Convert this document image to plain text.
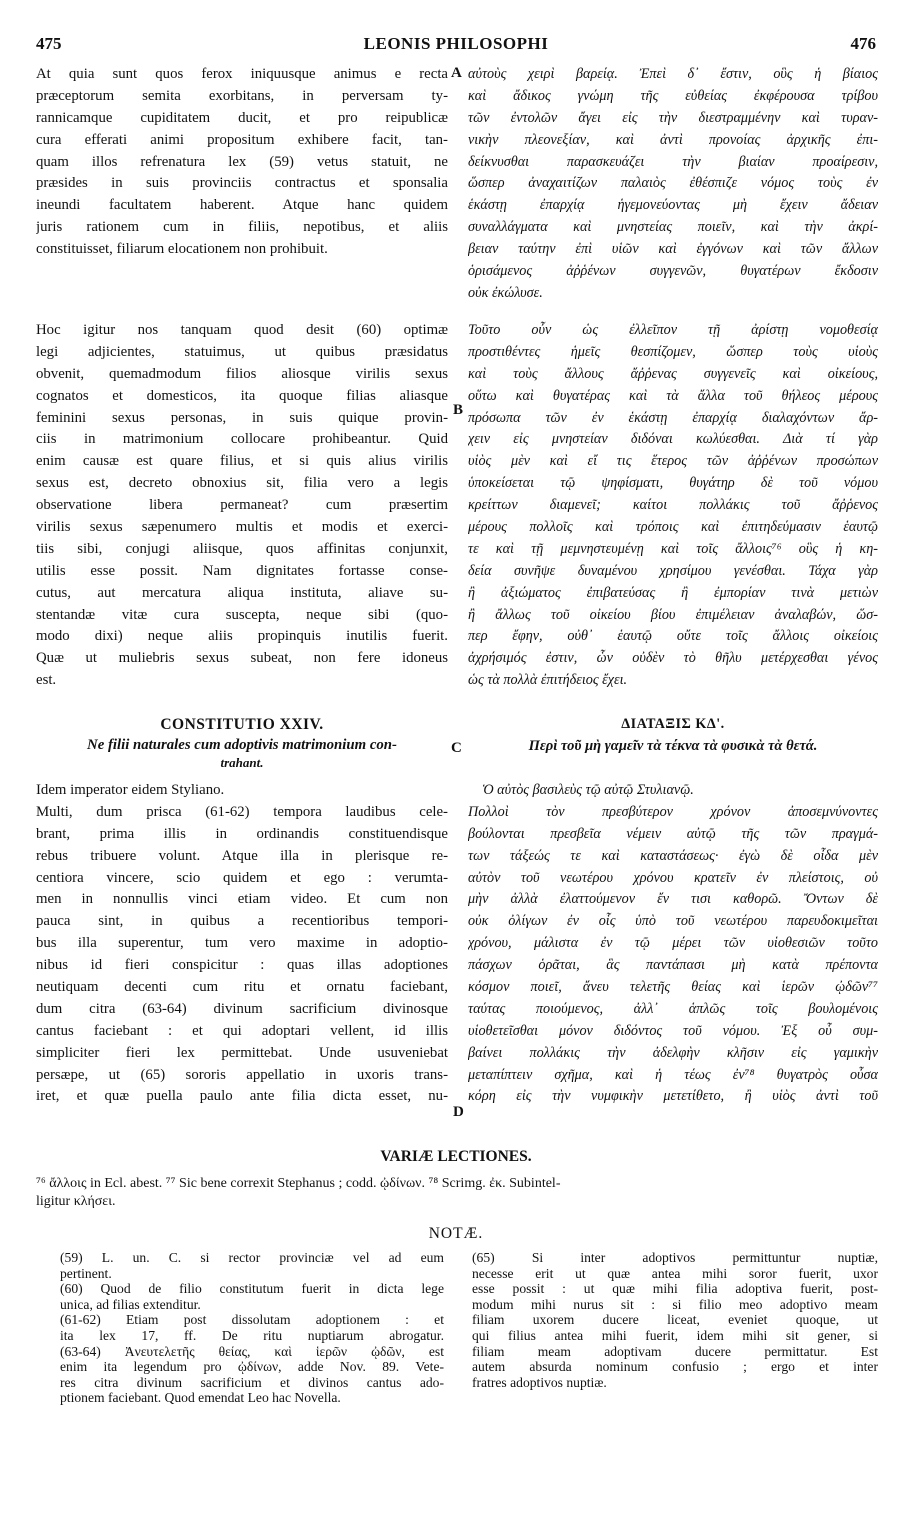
475	LEONIS PHILOSOPHI	476
At quia sunt quos ferox iniquusque animus e recta
præceptorum semita exorbitans, in perversam ty-
rannicamque cupiditatem ducit, et pro reipublicæ
cura efferati animi propositum exhibere facit, tan-
quam illos refrenatura lex (59) vetus statuit, ne
præsides in suis provinciis contractus et sponsalia
ineundi facultatem haberent. Atque hanc quidem
juris rationem cum in filiis, nepotibus, et aliis
constituisset, filiarum elocationem non prohibuit.
Hoc igitur nos tanquam quod desit (60) optimæ
legi adjicientes, statuimus, ut quibus præsidatus
obvenit, quemadmodum filios aliosque virilis sexus
cognatos et domesticos, ita quoque filias aliasque
feminini sexus personas, in suis quique provin-
ciis in matrimonium collocare prohibeantur. Quid
enim causæ est quare filius, et si quis alius virilis
sexus est, decreto obnoxius sit, filia vero a legis
observatione libera permaneat? cum præsertim
virilis sexus sæpenumero multis et modis et exerci-
tiis sibi, conjugi aliisque, quos affinitas conjunxit,
utilis esse possit. Nam dignitates fortasse conse-
cutus, aut mercatura aliqua instituta, aliave su-
stentandæ vitæ cura suscepta, neque sibi (quo-
modo dixi) neque aliis propinquis inutilis fuerit.
Quæ ut muliebris sexus subeat, non fere idoneus
est.
CONSTITUTIO XXIV.
Ne filii naturales cum adoptivis matrimonium con-
trahant.
Idem imperator eidem Styliano.
Multi, dum prisca (61-62) tempora laudibus cele-
brant, prima illis in ordinandis constituendisque
rebus tribuere volunt. Atque illa in plerisque re-
centiora vincere, scio quidem et ego : verumta-
men in nonnullis vinci etiam video. Et cum non
pauca sint, in quibus a recentioribus tempori-
bus illa superentur, tum vero maxime in adoptio-
nibus id fieri conspicitur : quas illas adoptiones
neutiquam decenti cum ritu et ornatu faciebant,
dum citra (63-64) divinum sacrificium divinosque
cantus faciebant : et qui adoptari vellent, id illis
simpliciter fieri lex permittebat. Unde usuveniebat
persæpe, ut (65) sororis appellatio in uxoris trans-
iret, et quæ puella paulo ante filia dicta esset, nu-
αὐτοὺς χειρὶ βαρείᾳ. Ἐπεὶ δ᾿ ἔστιν, οὓς ἡ βίαιος
καὶ ἄδικος γνώμη τῆς εὐθείας ἐκφέρουσα τρίβου
τῶν ἐντολῶν ἄγει εἰς τὴν διεστραμμένην καὶ τυραν-
νικὴν πλεονεξίαν, καὶ ἀντὶ προνοίας ἀρχικῆς ἐπι-
δείκνυσθαι παρασκευάζει τὴν βιαίαν προαίρεσιν,
ὥσπερ ἀναχαιτίζων παλαιὸς ἐθέσπιζε νόμος τοὺς ἐν
ἑκάστῃ ἐπαρχίᾳ ἡγεμονεύοντας μὴ ἔχειν ἄδειαν
συναλλάγματα καὶ μνηστείας ποιεῖν, καὶ τὴν ἀκρί-
βειαν ταύτην ἐπὶ υἱῶν καὶ ἐγγόνων καὶ τῶν ἄλλων
ὁρισάμενος ἀῤῥένων συγγενῶν, θυγατέρων ἔκδοσιν
οὐκ ἐκώλυσε.
Τοῦτο οὖν ὡς ἐλλεῖπον τῇ ἀρίστῃ νομοθεσίᾳ
προστιθέντες ἡμεῖς θεσπίζομεν, ὥσπερ τοὺς υἱοὺς
καὶ τοὺς ἄλλους ἄῤῥενας συγγενεῖς καὶ οἰκείους,
οὕτω καὶ θυγατέρας καὶ τὰ ἄλλα τοῦ θήλεος μέρους
πρόσωπα τῶν ἐν ἑκάστῃ ἐπαρχίᾳ διαλαχόντων ἄρ-
χειν εἰς μνηστείαν διδόναι κωλύεσθαι. Διὰ τί γὰρ
υἱὸς μὲν καὶ εἴ τις ἕτερος τῶν ἀῤῥένων προσώπων
ὑποκείσεται τῷ ψηφίσματι, θυγάτηρ δὲ τοῦ νόμου
κρείττων διαμενεῖ; καίτοι πολλάκις τοῦ ἄῤῥενος
μέρους πολλοῖς καὶ τρόποις καὶ ἐπιτηδεύμασιν ἑαυτῷ
τε καὶ τῇ μεμνηστευμένῃ καὶ τοῖς ἄλλοις⁷⁶ οὓς ἡ κη-
δεία συνῆψε δυναμένου χρησίμου γενέσθαι. Τάχα γὰρ
ἢ ἀξιώματος ἐπιβατεύσας ἢ ἐμπορίαν τινὰ μετιὼν
ἢ ἄλλως τοῦ οἰκείου βίου ἐπιμέλειαν ἀναλαβών, ὥσ-
περ ἔφην, οὐθ᾿ ἑαυτῷ οὔτε τοῖς ἄλλοις οἰκείοις
ἀχρήσιμός ἐστιν, ὧν οὐδὲν τὸ θῆλυ μετέρχεσθαι γένος
ὡς τὰ πολλὰ ἐπιτήδειος ἔχει.
ΔΙΑΤΑΞΙΣ ΚΔ'.
Περὶ τοῦ μὴ γαμεῖν τὰ τέκνα τὰ φυσικὰ τὰ θετά.
Ὁ αὐτὸς βασιλεὺς τῷ αὐτῷ Στυλιανῷ.
Πολλοὶ τὸν πρεσβύτερον χρόνον ἀποσεμνύνοντες
βούλονται πρεσβεῖα νέμειν αὐτῷ τῆς τῶν πραγμά-
των τάξεώς τε καὶ καταστάσεως· ἐγὼ δὲ οἶδα μὲν
αὐτὸν τοῦ νεωτέρου χρόνου κρατεῖν ἐν πλείστοις, οὐ
μὴν ἀλλὰ ἐλαττούμενον ἔν τισι καθορῶ. Ὄντων δὲ
οὐκ ὀλίγων ἐν οἷς ὑπὸ τοῦ νεωτέρου παρευδοκιμεῖται
χρόνου, μάλιστα ἐν τῷ μέρει τῶν υἱοθεσιῶν τοῦτο
πάσχων ὁρᾶται, ἃς παντάπασι μὴ κατὰ πρέποντα
κόσμον ποιεῖ, ἄνευ τελετῆς θείας καὶ ἱερῶν ᾠδῶν⁷⁷
ταύτας ποιούμενος, ἀλλ᾿ ἁπλῶς τοῖς βουλομένοις
υἱοθετεῖσθαι μόνον διδόντος τοῦ νόμου. Ἐξ οὗ συμ-
βαίνει πολλάκις τὴν ἀδελφὴν κλῆσιν εἰς γαμικὴν
μεταπίπτειν σχῆμα, καὶ ἡ τέως ἐν⁷⁸ θυγατρὸς οὖσα
κόρη εἰς τὴν νυμφικὴν μετετίθετο, ἢ υἱὸς ἀντὶ τοῦ
A
B
C
D
VARIÆ LECTIONES.
⁷⁶ ἄλλοις in Ecl. abest. ⁷⁷ Sic bene correxit Stephanus ; codd. ᾠδίνων. ⁷⁸ Scrimg. ἐκ. Subintel-
ligitur κλήσει.
NOTÆ.
(59) L. un. C. si rector provinciæ vel ad eum
pertinent.
(60) Quod de filio constitutum fuerit in dicta lege
unica, ad filias extenditur.
(61-62) Etiam post dissolutam adoptionem : et
ita lex 17, ff. De ritu nuptiarum abrogatur.
(63-64) Ἀνευτελετῆς θείας, καὶ ἱερῶν ᾠδῶν, est
enim ita legendum pro ᾠδίνων, adde Nov. 89. Vete-
res citra divinum sacrificium et divinos cantus ado-
ptionem faciebant. Quod emendat Leo hac Novella.
(65) Si inter adoptivos permittuntur nuptiæ,
necesse erit ut quæ antea mihi soror fuerit, uxor
esse possit : ut quæ mihi filia adoptiva fuerit, post-
modum mihi nurus sit : si filio meo adoptivo meam
filiam uxorem ducere liceat, eveniet quoque, ut
qui filius antea mihi fuerit, idem mihi sit gener, si
filiam meam adoptivam ducere permittatur. Est
autem absurda nominum confusio ; ergo et inter
fratres adoptivos nuptiæ.
